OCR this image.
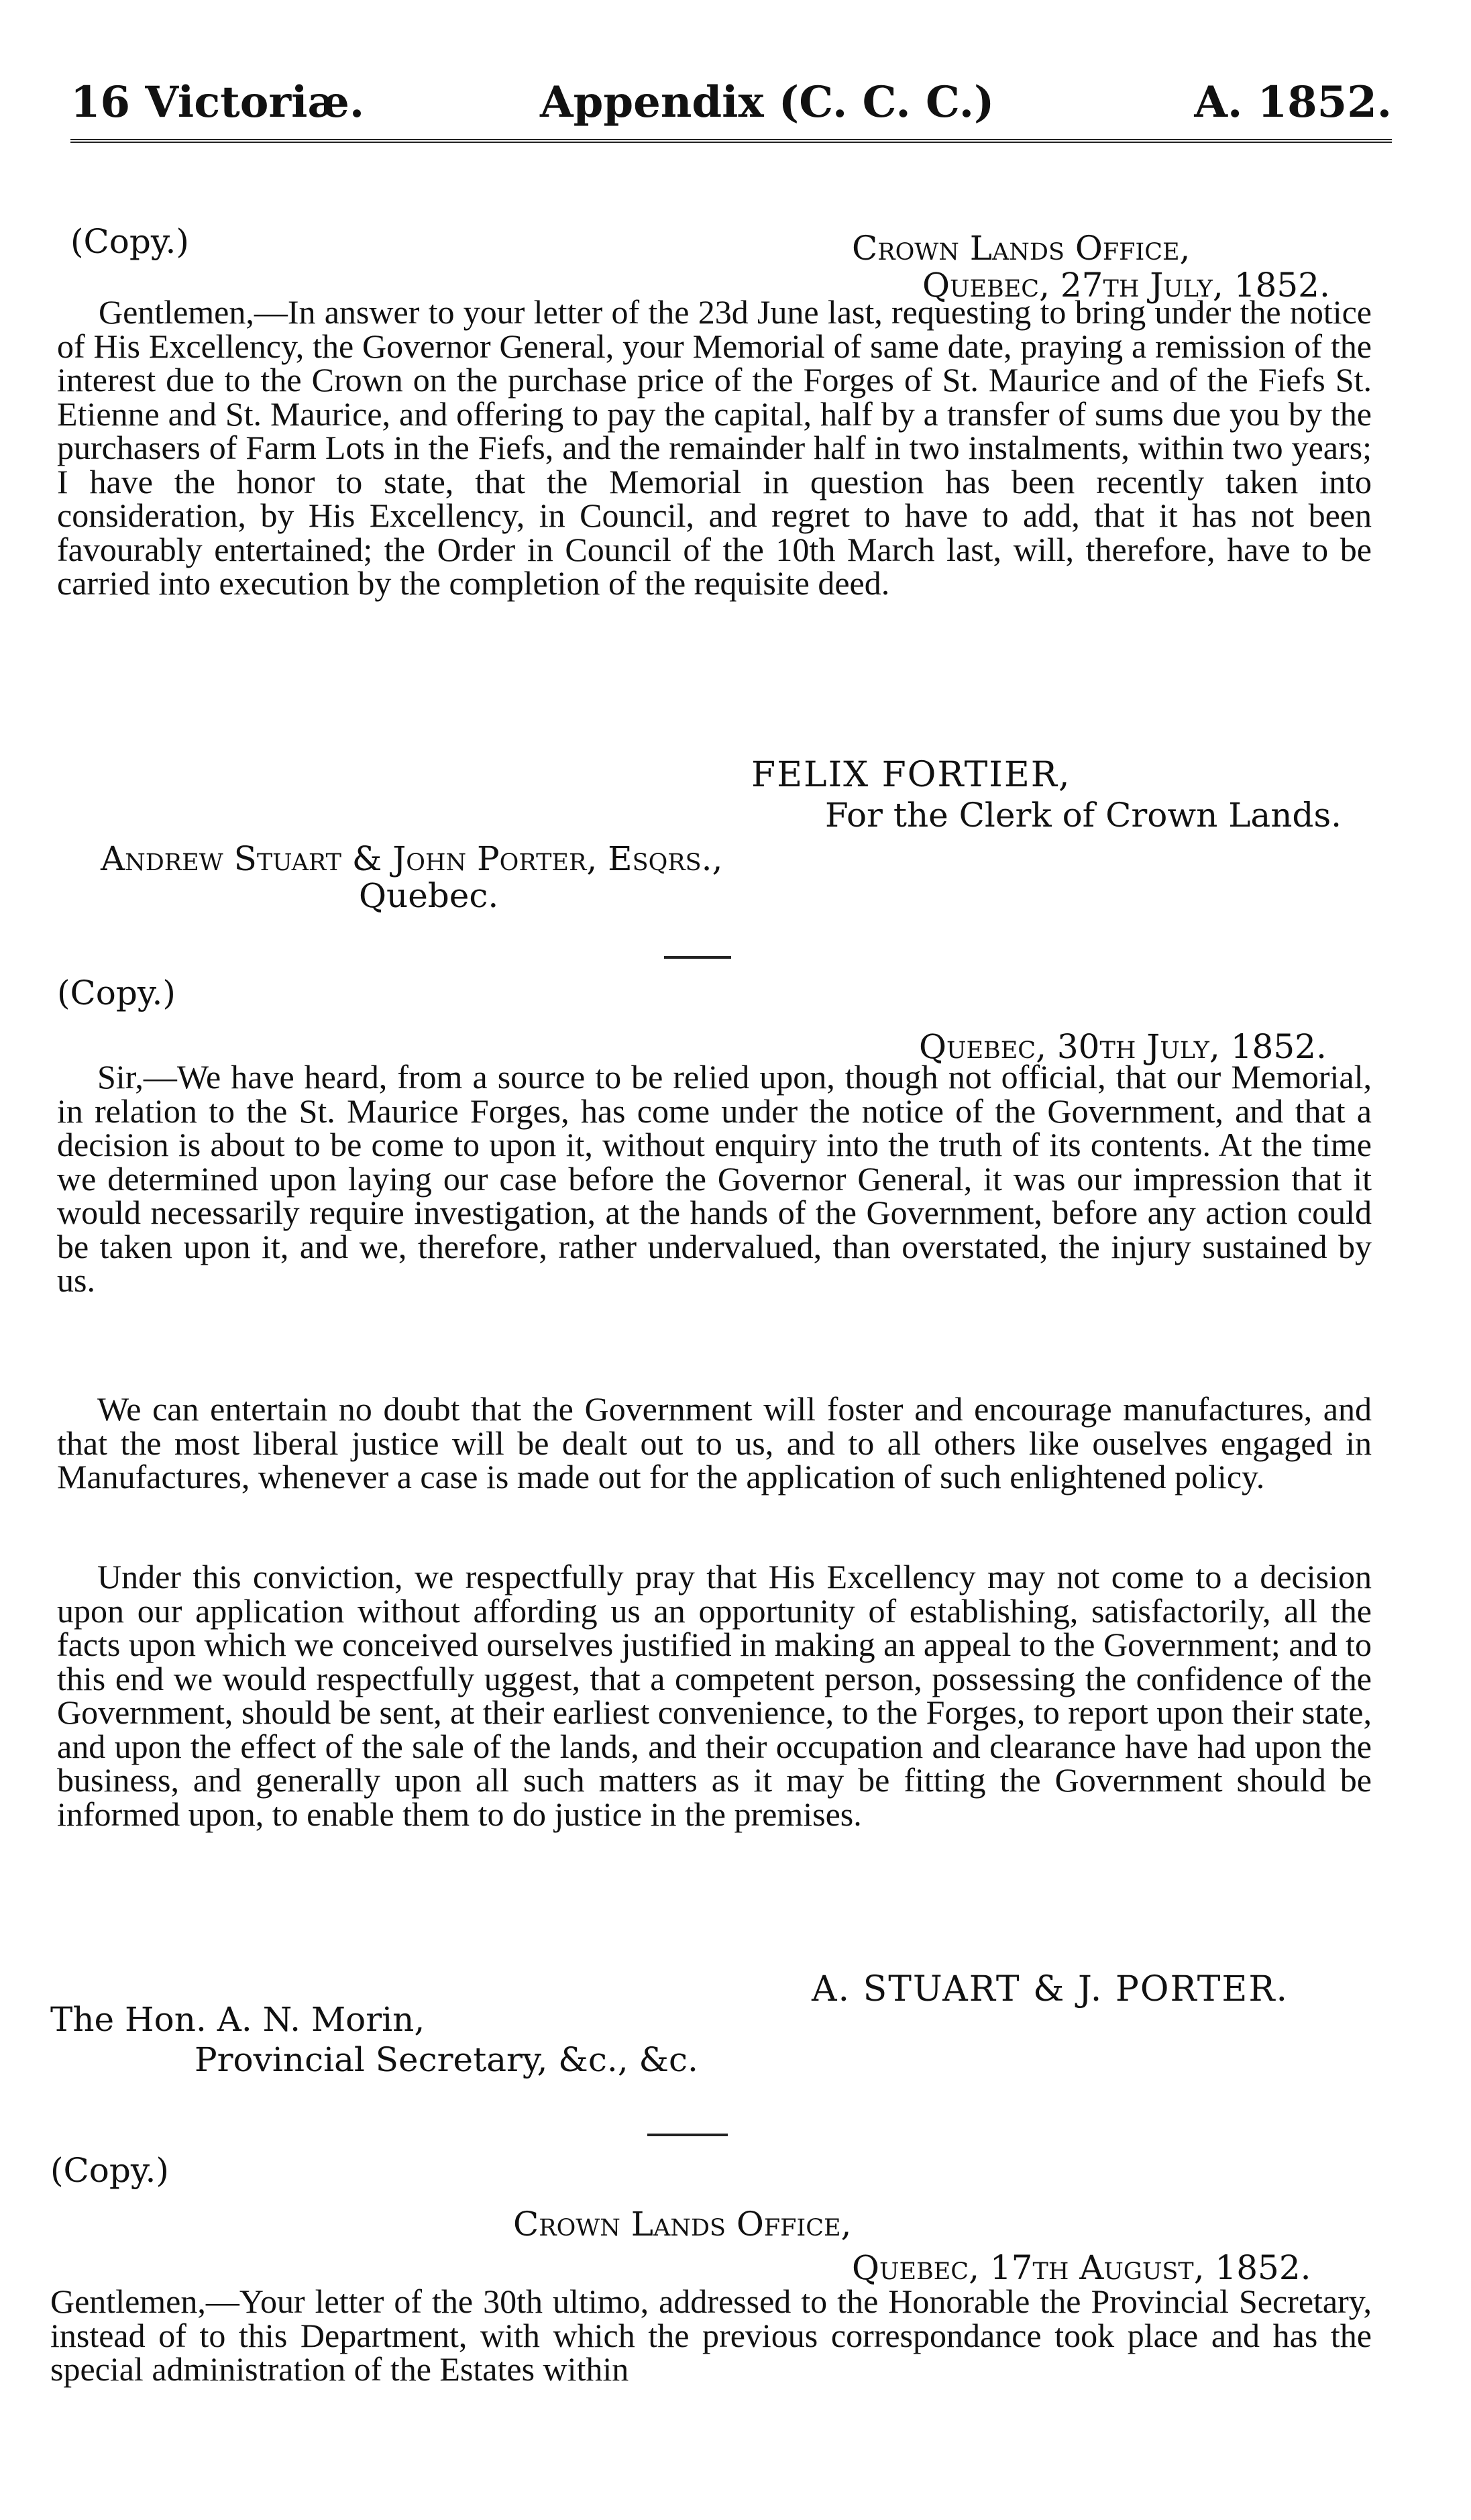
16 Victoriæ.	Appendix (C. C. C.)	A. 1852.
(Copy.)	Crown Lands Office,
Quebec, 27th July, 1852.

Gentlemen,—In answer to your letter of the 23d June last, requesting to bring under the notice of His Excellency, the Governor General, your Memorial of same date, praying a remission of the interest due to the Crown on the purchase price of the Forges of St. Maurice and of the Fiefs St. Etienne and St. Maurice, and offering to pay the capital, half by a transfer of sums due you by the purchasers of Farm Lots in the Fiefs, and the remainder half in two instalments, within two years; I have the honor to state, that the Memorial in question has been recently taken into consideration, by His Excellency, in Council, and regret to have to add, that it has not been favourably entertained; the Order in Council of the 10th March last, will, therefore, have to be carried into execution by the completion of the requisite deed.

FELIX FORTIER,
For the Clerk of Crown Lands.
Andrew Stuart & John Porter, Esqrs.,
Quebec.
(Copy.)
Quebec, 30th July, 1852.

Sir,—We have heard, from a source to be relied upon, though not official, that our Memorial, in relation to the St. Maurice Forges, has come under the notice of the Government, and that a decision is about to be come to upon it, without enquiry into the truth of its contents. At the time we determined upon laying our case before the Governor General, it was our impression that it would necessarily require investigation, at the hands of the Government, before any action could be taken upon it, and we, therefore, rather undervalued, than overstated, the injury sustained by us.

We can entertain no doubt that the Government will foster and encourage manufactures, and that the most liberal justice will be dealt out to us, and to all others like ouselves engaged in Manufactures, whenever a case is made out for the application of such enlightened policy.

Under this conviction, we respectfully pray that His Excellency may not come to a decision upon our application without affording us an opportunity of establishing, satisfactorily, all the facts upon which we conceived ourselves justified in making an appeal to the Government; and to this end we would respectfully uggest, that a competent person, possessing the confidence of the Government, should be sent, at their earliest convenience, to the Forges, to report upon their state, and upon the effect of the sale of the lands, and their occupation and clearance have had upon the business, and generally upon all such matters as it may be fitting the Government should be informed upon, to enable them to do justice in the premises.

A. STUART & J. PORTER.
The Hon. A. N. Morin,
Provincial Secretary, &c., &c.
(Copy.)
Crown Lands Office,
Quebec, 17th August, 1852.

Gentlemen,—Your letter of the 30th ultimo, addressed to the Honorable the Provincial Secretary, instead of to this Department, with which the previous correspondance took place and has the special administration of the Estates within
